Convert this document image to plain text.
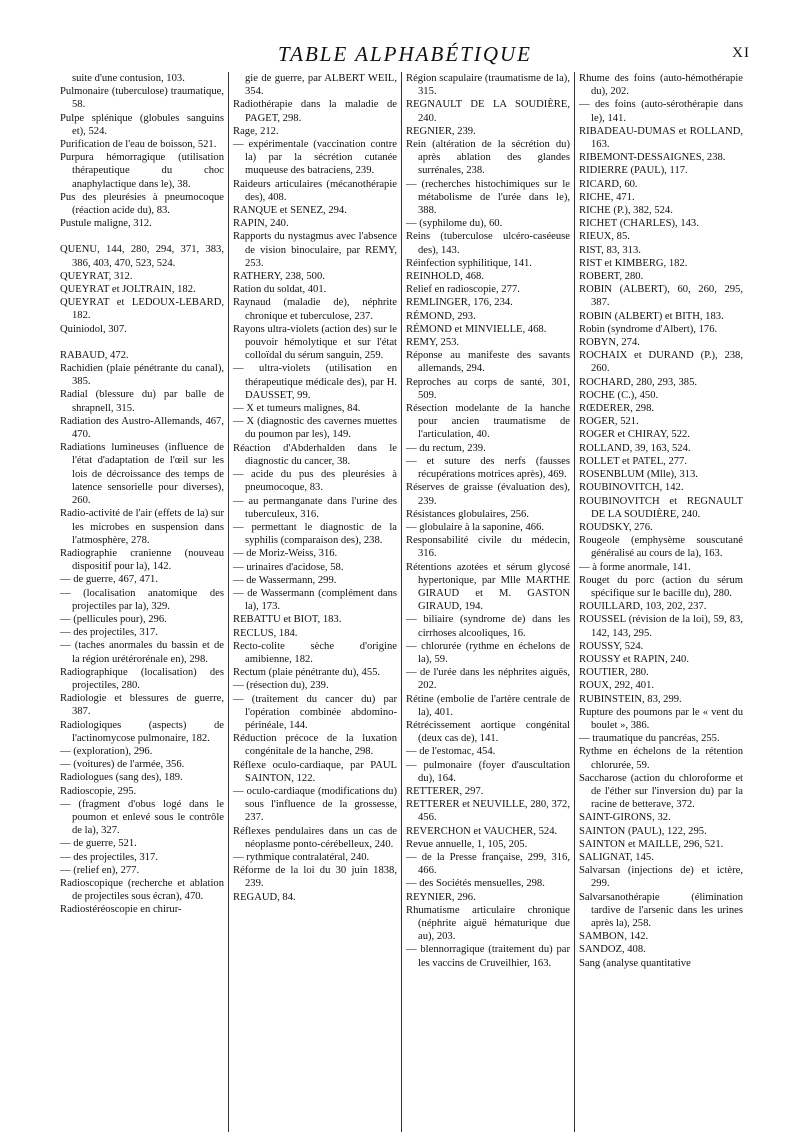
TABLE ALPHABÉTIQUE	XI
suite d'une contusion, 103.
Pulmonaire (tuberculose) traumatique, 58.
Pulpe splénique (globules sanguins et), 524.
Purification de l'eau de boisson, 521.
Purpura hémorragique (utilisation thérapeutique du choc anaphylactique dans le), 38.
Pus des pleurésies à pneumocoque (réaction acide du), 83.
Pustule maligne, 312.
QUENU, 144, 280, 294, 371, 383, 386, 403, 470, 523, 524.
QUEYRAT, 312.
QUEYRAT et JOLTRAIN, 182.
QUEYRAT et LEDOUX-LEBARD, 182.
Quiniodol, 307.
RABAUD, 472.
Rachidien (plaie pénétrante du canal), 385.
Radial (blessure du) par balle de shrapnell, 315.
Radiation des Austro-Allemands, 467, 470.
Radiations lumineuses (influence de l'état d'adaptation de l'œil sur les lois de décroissance des temps de latence sensorielle pour diverses), 260.
Radio-activité de l'air (effets de la) sur les microbes en suspension dans l'atmosphère, 278.
Radiographie cranienne (nouveau dispositif pour la), 142.
— de guerre, 467, 471.
— (localisation anatomique des projectiles par la), 329.
— (pellicules pour), 296.
— des projectiles, 317.
— (taches anormales du bassin et de la région urétérorénale en), 298.
Radiographique (localisation) des projectiles, 280.
Radiologie et blessures de guerre, 387.
Radiologiques (aspects) de l'actinomycose pulmonaire, 182.
— (exploration), 296.
— (voitures) de l'armée, 356.
Radiologues (sang des), 189.
Radioscopie, 295.
— (fragment d'obus logé dans le poumon et enlevé sous le contrôle de la), 327.
— de guerre, 521.
— des projectiles, 317.
— (relief en), 277.
Radioscopique (recherche et ablation de projectiles sous écran), 470.
Radiostéréoscopie en chirur-
gie de guerre, par ALBERT WEIL, 354.
Radiothérapie dans la maladie de PAGET, 298.
Rage, 212.
— expérimentale (vaccination contre la) par la sécrétion cutanée muqueuse des batraciens, 239.
Raideurs articulaires (mécanothérapie des), 408.
RANQUE et SENEZ, 294.
RAPIN, 240.
Rapports du nystagmus avec l'absence de vision binoculaire, par REMY, 253.
RATHERY, 238, 500.
Ration du soldat, 401.
Raynaud (maladie de), néphrite chronique et tuberculose, 237.
Rayons ultra-violets (action des) sur le pouvoir hémolytique et sur l'état colloïdal du sérum sanguin, 259.
— ultra-violets (utilisation en thérapeutique médicale des), par H. DAUSSET, 99.
— X et tumeurs malignes, 84.
— X (diagnostic des cavernes muettes du poumon par les), 149.
Réaction d'Abderhalden dans le diagnostic du cancer, 38.
— acide du pus des pleurésies à pneumocoque, 83.
— au permanganate dans l'urine des tuberculeux, 316.
— permettant le diagnostic de la syphilis (comparaison des), 238.
— de Moriz-Weiss, 316.
— urinaires d'acidose, 58.
— de Wassermann, 299.
— de Wassermann (complément dans la), 173.
REBATTU et BIOT, 183.
RECLUS, 184.
Recto-colite sèche d'origine amibienne, 182.
Rectum (plaie pénétrante du), 455.
— (résection du), 239.
— (traitement du cancer du) par l'opération combinée abdomino-périnéale, 144.
Réduction précoce de la luxation congénitale de la hanche, 298.
Réflexe oculo-cardiaque, par PAUL SAINTON, 122.
— oculo-cardiaque (modifications du) sous l'influence de la grossesse, 237.
Réflexes pendulaires dans un cas de néoplasme ponto-cérébelleux, 240.
— rythmique contralatéral, 240.
Réforme de la loi du 30 juin 1838, 239.
REGAUD, 84.
Région scapulaire (traumatisme de la), 315.
REGNAULT DE LA SOUDIÈRE, 240.
REGNIER, 239.
Rein (altération de la sécrétion du) après ablation des glandes surrénales, 238.
— (recherches histochimiques sur le métabolisme de l'urée dans le), 388.
— (syphilome du), 60.
Reins (tuberculose ulcéro-caséeuse des), 143.
Réinfection syphilitique, 141.
REINHOLD, 468.
Relief en radioscopie, 277.
REMLINGER, 176, 234.
RÉMOND, 293.
RÉMOND et MINVIELLE, 468.
REMY, 253.
Réponse au manifeste des savants allemands, 294.
Reproches au corps de santé, 301, 509.
Résection modelante de la hanche pour ancien traumatisme de l'articulation, 40.
— du rectum, 239.
— et suture des nerfs (fausses récupérations motrices après), 469.
Réserves de graisse (évaluation des), 239.
Résistances globulaires, 256.
— globulaire à la saponine, 466.
Responsabilité civile du médecin, 316.
Rétentions azotées et sérum glycosé hypertonique, par Mlle MARTHE GIRAUD et M. GASTON GIRAUD, 194.
— biliaire (syndrome de) dans les cirrhoses alcooliques, 16.
— chlorurée (rythme en échelons de la), 59.
— de l'urée dans les néphrites aiguës, 202.
Rétine (embolie de l'artère centrale de la), 401.
Rétrécissement aortique congénital (deux cas de), 141.
— de l'estomac, 454.
— pulmonaire (foyer d'auscultation du), 164.
RETTERER, 297.
RETTERER et NEUVILLE, 280, 372, 456.
REVERCHON et VAUCHER, 524.
Revue annuelle, 1, 105, 205.
— de la Presse française, 299, 316, 466.
— des Sociétés mensuelles, 298.
REYNIER, 296.
Rhumatisme articulaire chronique (néphrite aiguë hématurique due au), 203.
— blennorragique (traitement du) par les vaccins de Cruveilhier, 163.
Rhume des foins (auto-hémothérapie du), 202.
— des foins (auto-sérothérapie dans le), 141.
RIBADEAU-DUMAS et ROLLAND, 163.
RIBEMONT-DESSAIGNES, 238.
RIDIERRE (PAUL), 117.
RICARD, 60.
RICHE, 471.
RICHE (P.), 382, 524.
RICHET (CHARLES), 143.
RIEUX, 85.
RIST, 83, 313.
RIST et KIMBERG, 182.
ROBERT, 280.
ROBIN (ALBERT), 60, 260, 295, 387.
ROBIN (ALBERT) et BITH, 183.
Robin (syndrome d'Albert), 176.
ROBYN, 274.
ROCHAIX et DURAND (P.), 238, 260.
ROCHARD, 280, 293, 385.
ROCHE (C.), 450.
RŒDERER, 298.
ROGER, 521.
ROGER et CHIRAY, 522.
ROLLAND, 39, 163, 524.
ROLLET et PATEL, 277.
ROSENBLUM (Mlle), 313.
ROUBINOVITCH, 142.
ROUBINOVITCH et REGNAULT DE LA SOUDIÈRE, 240.
ROUDSKY, 276.
Rougeole (emphysème souscutané généralisé au cours de la), 163.
— à forme anormale, 141.
Rouget du porc (action du sérum spécifique sur le bacille du), 280.
ROUILLARD, 103, 202, 237.
ROUSSEL (révision de la loi), 59, 83, 142, 143, 295.
ROUSSY, 524.
ROUSSY et RAPIN, 240.
ROUTIER, 280.
ROUX, 292, 401.
RUBINSTEIN, 83, 299.
Rupture des poumons par le « vent du boulet », 386.
— traumatique du pancréas, 255.
Rythme en échelons de la rétention chlorurée, 59.
Saccharose (action du chloroforme et de l'éther sur l'inversion du) par la racine de betterave, 372.
SAINT-GIRONS, 32.
SAINTON (PAUL), 122, 295.
SAINTON et MAILLE, 296, 521.
SALIGNAT, 145.
Salvarsan (injections de) et ictère, 299.
Salvarsanothérapie (élimination tardive de l'arsenic dans les urines après la), 258.
SAMBON, 142.
SANDOZ, 408.
Sang (analyse quantitative
